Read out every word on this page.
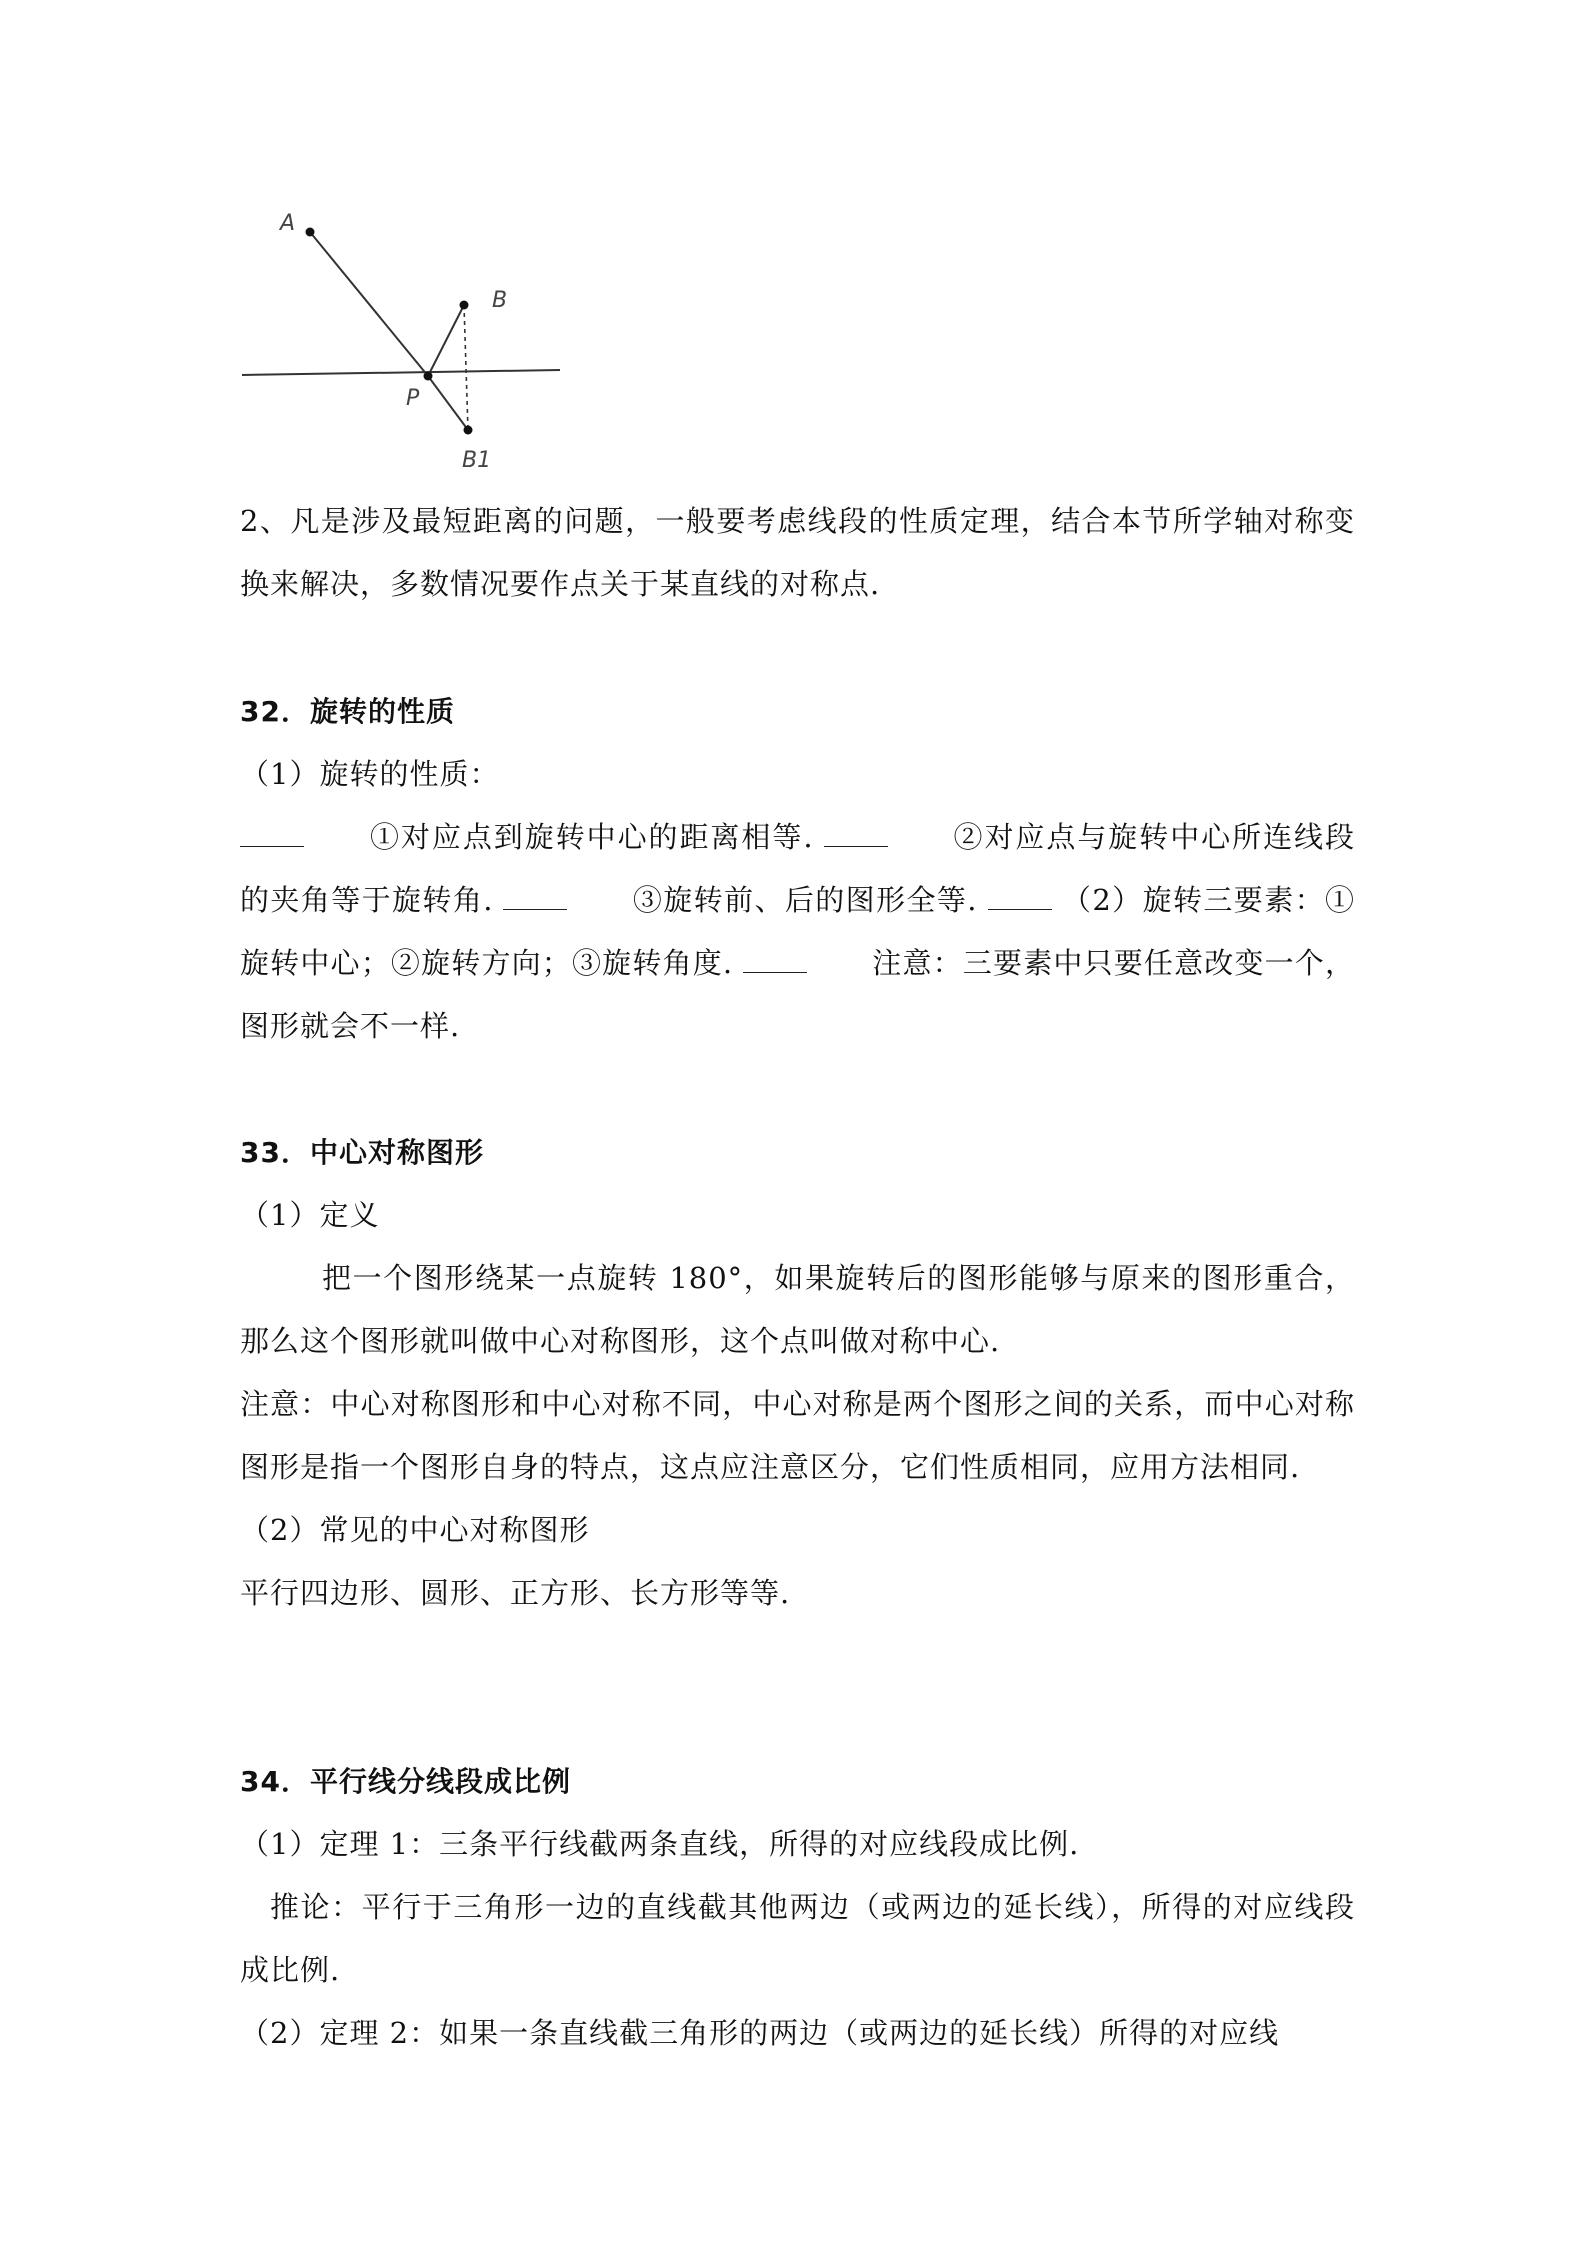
A
B
P
B1

2、凡是涉及最短距离的问题，一般要考虑线段的性质定理，结合本节所学轴对称变换来解决，多数情况要作点关于某直线的对称点.

32．旋转的性质

（1）旋转的性质：

①对应点到旋转中心的距离相等.	②对应点与旋转中心所连线段的夹角等于旋转角.	③旋转前、后的图形全等.	（2）旋转三要素：①旋转中心；②旋转方向；③旋转角度.	注意：三要素中只要任意改变一个，图形就会不一样.

33．中心对称图形

（1）定义

把一个图形绕某一点旋转 180°，如果旋转后的图形能够与原来的图形重合，那么这个图形就叫做中心对称图形，这个点叫做对称中心.

注意：中心对称图形和中心对称不同，中心对称是两个图形之间的关系，而中心对称图形是指一个图形自身的特点，这点应注意区分，它们性质相同，应用方法相同.

（2）常见的中心对称图形

平行四边形、圆形、正方形、长方形等等.

34．平行线分线段成比例

（1）定理 1：三条平行线截两条直线，所得的对应线段成比例.

推论：平行于三角形一边的直线截其他两边（或两边的延长线），所得的对应线段成比例.

（2）定理 2：如果一条直线截三角形的两边（或两边的延长线）所得的对应线
